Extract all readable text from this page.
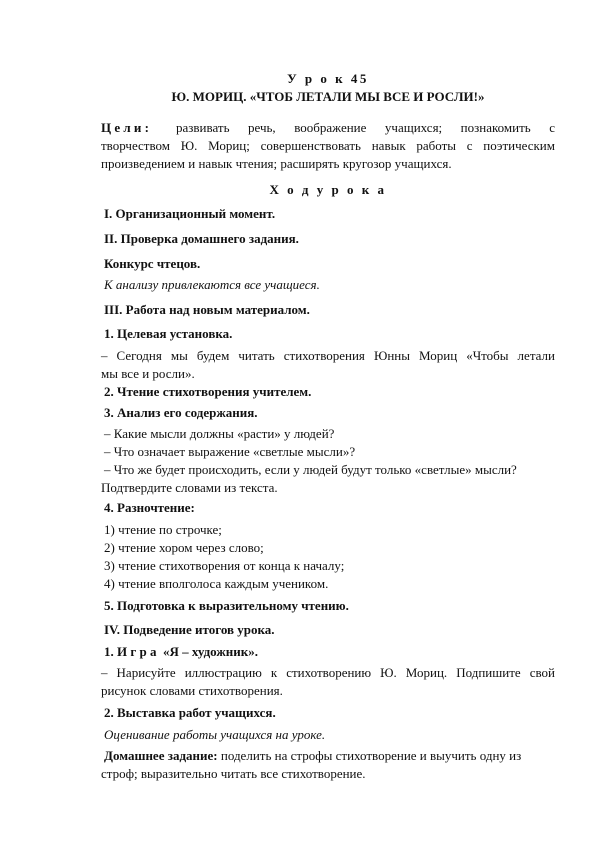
У р о к 45
Ю. МОРИЦ. «ЧТОБ ЛЕТАЛИ МЫ ВСЕ И РОСЛИ!»
Ц е л и : развивать речь, воображение учащихся; познакомить с
творчеством Ю. Мориц; совершенствовать навык работы с поэтическим
произведением и навык чтения; расширять кругозор учащихся.
Х о д у р о к а
I. Организационный момент.
II. Проверка домашнего задания.
Конкурс чтецов.
К анализу привлекаются все учащиеся.
III. Работа над новым материалом.
1. Целевая установка.
– Сегодня мы будем читать стихотворения Юнны Мориц «Чтобы летали
мы все и росли».
2. Чтение стихотворения учителем.
3. Анализ его содержания.
– Какие мысли должны «расти» у людей?
– Что означает выражение «светлые мысли»?
– Что же будет происходить, если у людей будут только «светлые» мысли?
Подтвердите словами из текста.
4. Разночтение:
1) чтение по строчке;
2) чтение хором через слово;
3) чтение стихотворения от конца к началу;
4) чтение вполголоса каждым учеником.
5. Подготовка к выразительному чтению.
IV. Подведение итогов урока.
1. И г р а  «Я – художник».
– Нарисуйте иллюстрацию к стихотворению Ю. Мориц. Подпишите свой
рисунок словами стихотворения.
2. Выставка работ учащихся.
Оценивание работы учащихся на уроке.
Домашнее задание: поделить на строфы стихотворение и выучить одну из
строф; выразительно читать все стихотворение.
